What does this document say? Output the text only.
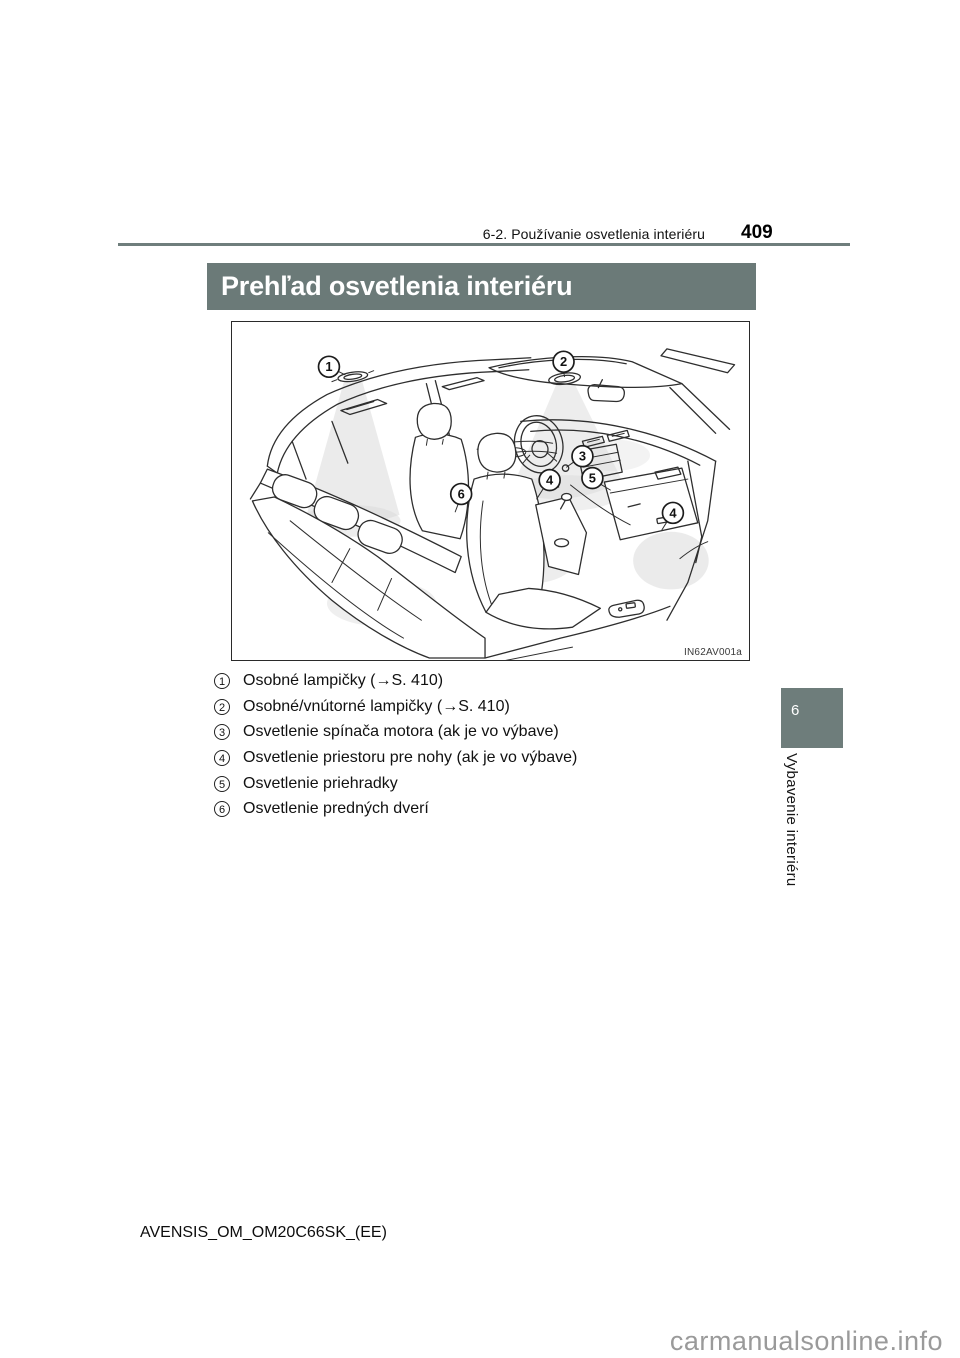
6-2. Používanie osvetlenia interiéru 409
Prehľad osvetlenia interiéru
1	2
3
4	5
6
4
IN62AV001a
1	Osobné lampičky (→S. 410)
2	Osobné/vnútorné lampičky (→S. 410)
3	Osvetlenie spínača motora (ak je vo výbave)
4	Osvetlenie priestoru pre nohy (ak je vo výbave)
5	Osvetlenie priehradky
6	Osvetlenie predných dverí
6
Vybavenie interiéru
AVENSIS_OM_OM20C66SK_(EE)
carmanualsonline.info
